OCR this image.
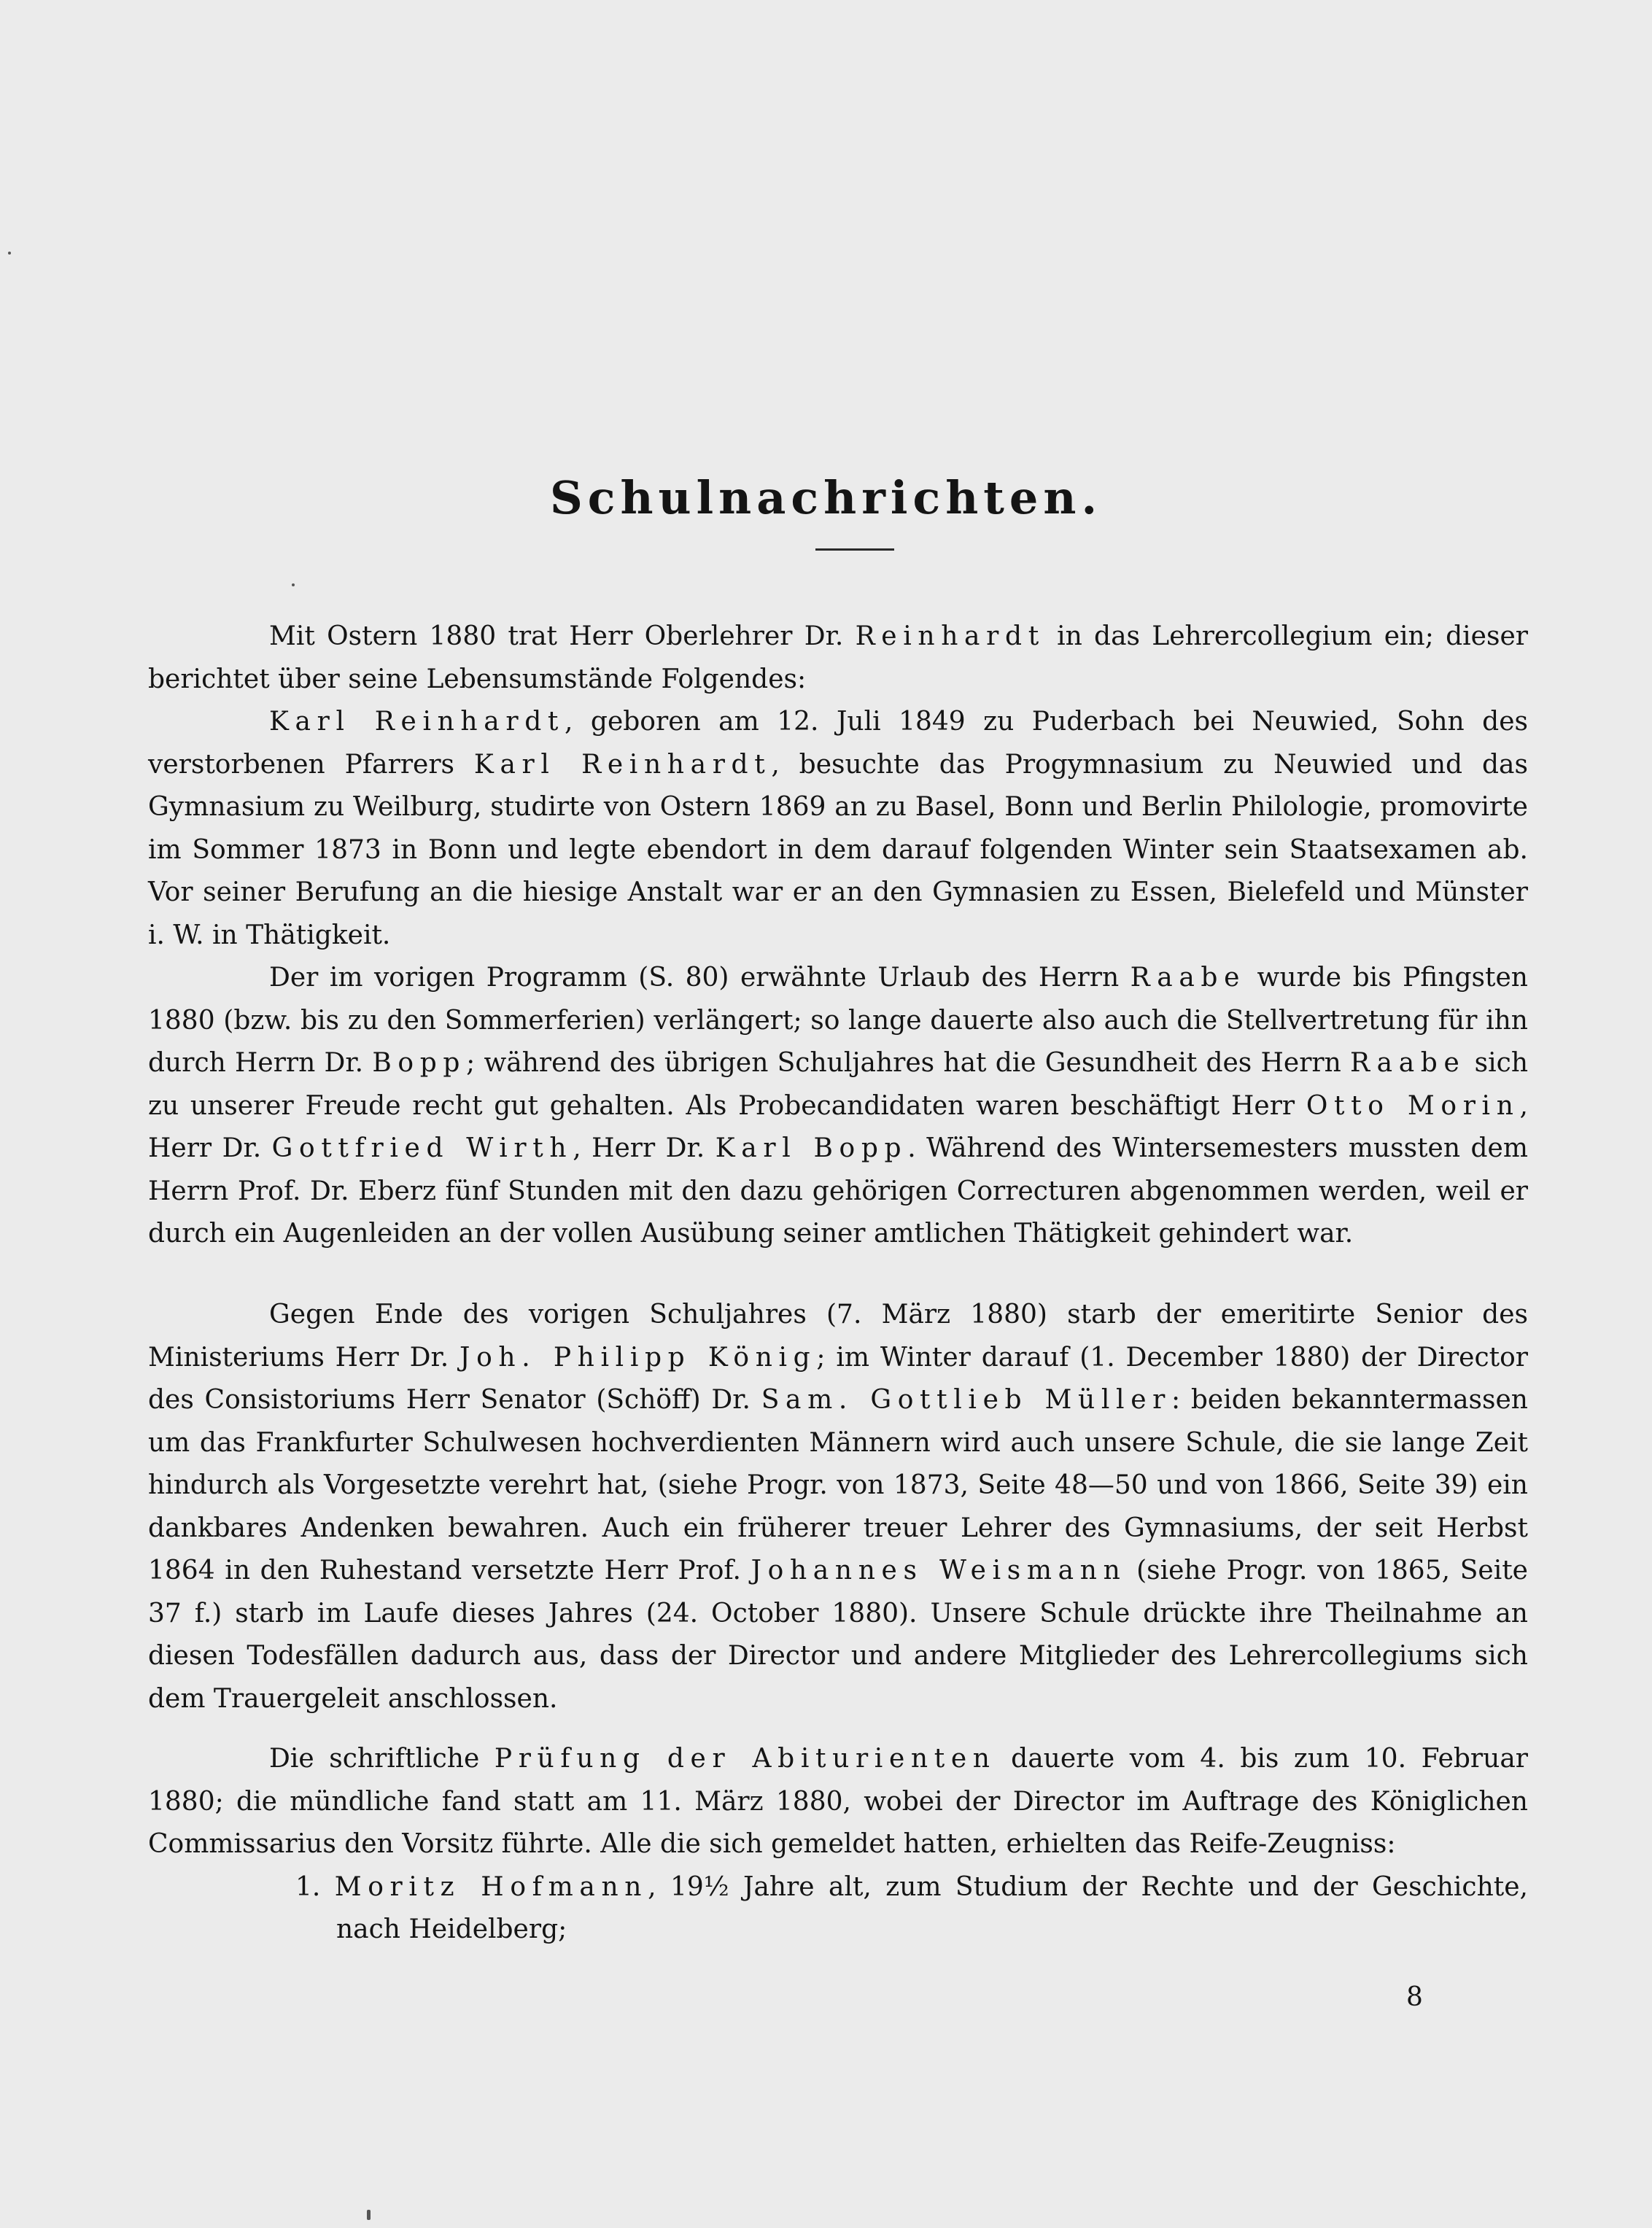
Schulnachrichten.

Mit Ostern 1880 trat Herr Oberlehrer Dr. Reinhardt in das Lehrercollegium ein; dieser berichtet über seine Lebensumstände Folgendes:

Karl Reinhardt, geboren am 12. Juli 1849 zu Puderbach bei Neuwied, Sohn des verstorbenen Pfarrers Karl Reinhardt, besuchte das Progymnasium zu Neuwied und das Gymnasium zu Weilburg, studirte von Ostern 1869 an zu Basel, Bonn und Berlin Philologie, promovirte im Sommer 1873 in Bonn und legte ebendort in dem darauf folgenden Winter sein Staatsexamen ab. Vor seiner Berufung an die hiesige Anstalt war er an den Gymnasien zu Essen, Bielefeld und Münster i. W. in Thätigkeit.

Der im vorigen Programm (S. 80) erwähnte Urlaub des Herrn Raabe wurde bis Pfingsten 1880 (bzw. bis zu den Sommerferien) verlängert; so lange dauerte also auch die Stellvertretung für ihn durch Herrn Dr. Bopp; während des übrigen Schuljahres hat die Gesundheit des Herrn Raabe sich zu unserer Freude recht gut gehalten. Als Probecandidaten waren beschäftigt Herr Otto Morin, Herr Dr. Gottfried Wirth, Herr Dr. Karl Bopp. Während des Wintersemesters mussten dem Herrn Prof. Dr. Eberz fünf Stunden mit den dazu gehörigen Correcturen abgenommen werden, weil er durch ein Augenleiden an der vollen Ausübung seiner amtlichen Thätigkeit gehindert war.

Gegen Ende des vorigen Schuljahres (7. März 1880) starb der emeritirte Senior des Ministeriums Herr Dr. Joh. Philipp König; im Winter darauf (1. December 1880) der Director des Consistoriums Herr Senator (Schöff) Dr. Sam. Gottlieb Müller: beiden bekanntermassen um das Frankfurter Schulwesen hochverdienten Männern wird auch unsere Schule, die sie lange Zeit hindurch als Vorgesetzte verehrt hat, (siehe Progr. von 1873, Seite 48—50 und von 1866, Seite 39) ein dankbares Andenken bewahren. Auch ein früherer treuer Lehrer des Gymnasiums, der seit Herbst 1864 in den Ruhestand versetzte Herr Prof. Johannes Weismann (siehe Progr. von 1865, Seite 37 f.) starb im Laufe dieses Jahres (24. October 1880). Unsere Schule drückte ihre Theilnahme an diesen Todesfällen dadurch aus, dass der Director und andere Mitglieder des Lehrercollegiums sich dem Trauergeleit anschlossen.

Die schriftliche Prüfung der Abiturienten dauerte vom 4. bis zum 10. Februar 1880; die mündliche fand statt am 11. März 1880, wobei der Director im Auftrage des Königlichen Commissarius den Vorsitz führte. Alle die sich gemeldet hatten, erhielten das Reife-Zeugniss:

1. Moritz Hofmann, 19½ Jahre alt, zum Studium der Rechte und der Geschichte, nach Heidelberg;

8
